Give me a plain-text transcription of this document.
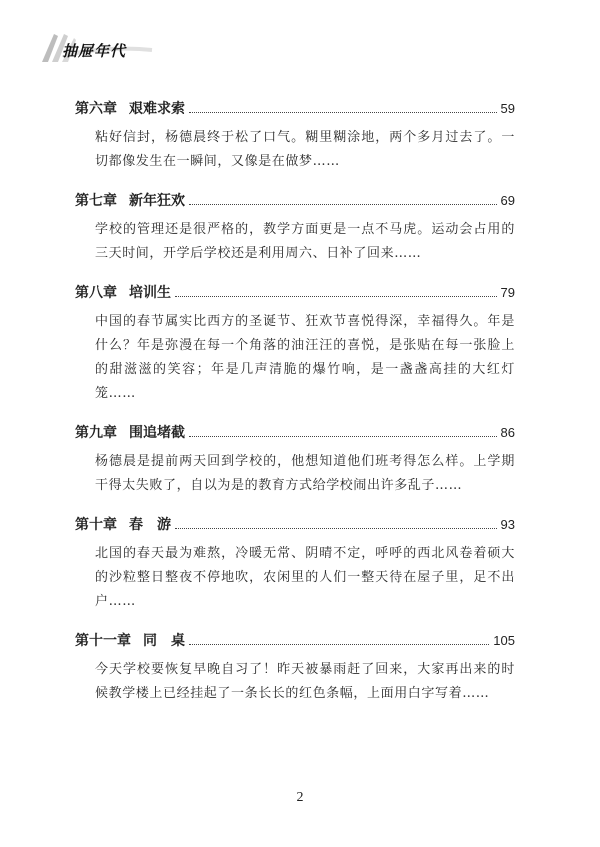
抽屉年代
第六章 艰难求索	59
粘好信封，杨德晨终于松了口气。糊里糊涂地，两个多月过去了。一切都像发生在一瞬间，又像是在做梦……
第七章 新年狂欢	69
学校的管理还是很严格的，教学方面更是一点不马虎。运动会占用的三天时间，开学后学校还是利用周六、日补了回来……
第八章 培训生	79
中国的春节属实比西方的圣诞节、狂欢节喜悦得深，幸福得久。年是什么？年是弥漫在每一个角落的油汪汪的喜悦，是张贴在每一张脸上的甜滋滋的笑容；年是几声清脆的爆竹响，是一盏盏高挂的大红灯笼……
第九章 围追堵截	86
杨德晨是提前两天回到学校的，他想知道他们班考得怎么样。上学期干得太失败了，自以为是的教育方式给学校闹出许多乱子……
第十章 春　游	93
北国的春天最为难熬，冷暖无常、阴晴不定，呼呼的西北风卷着硕大的沙粒整日整夜不停地吹，农闲里的人们一整天待在屋子里，足不出户……
第十一章 同　桌	105
今天学校要恢复早晚自习了！昨天被暴雨赶了回来，大家再出来的时候教学楼上已经挂起了一条长长的红色条幅，上面用白字写着……
2
